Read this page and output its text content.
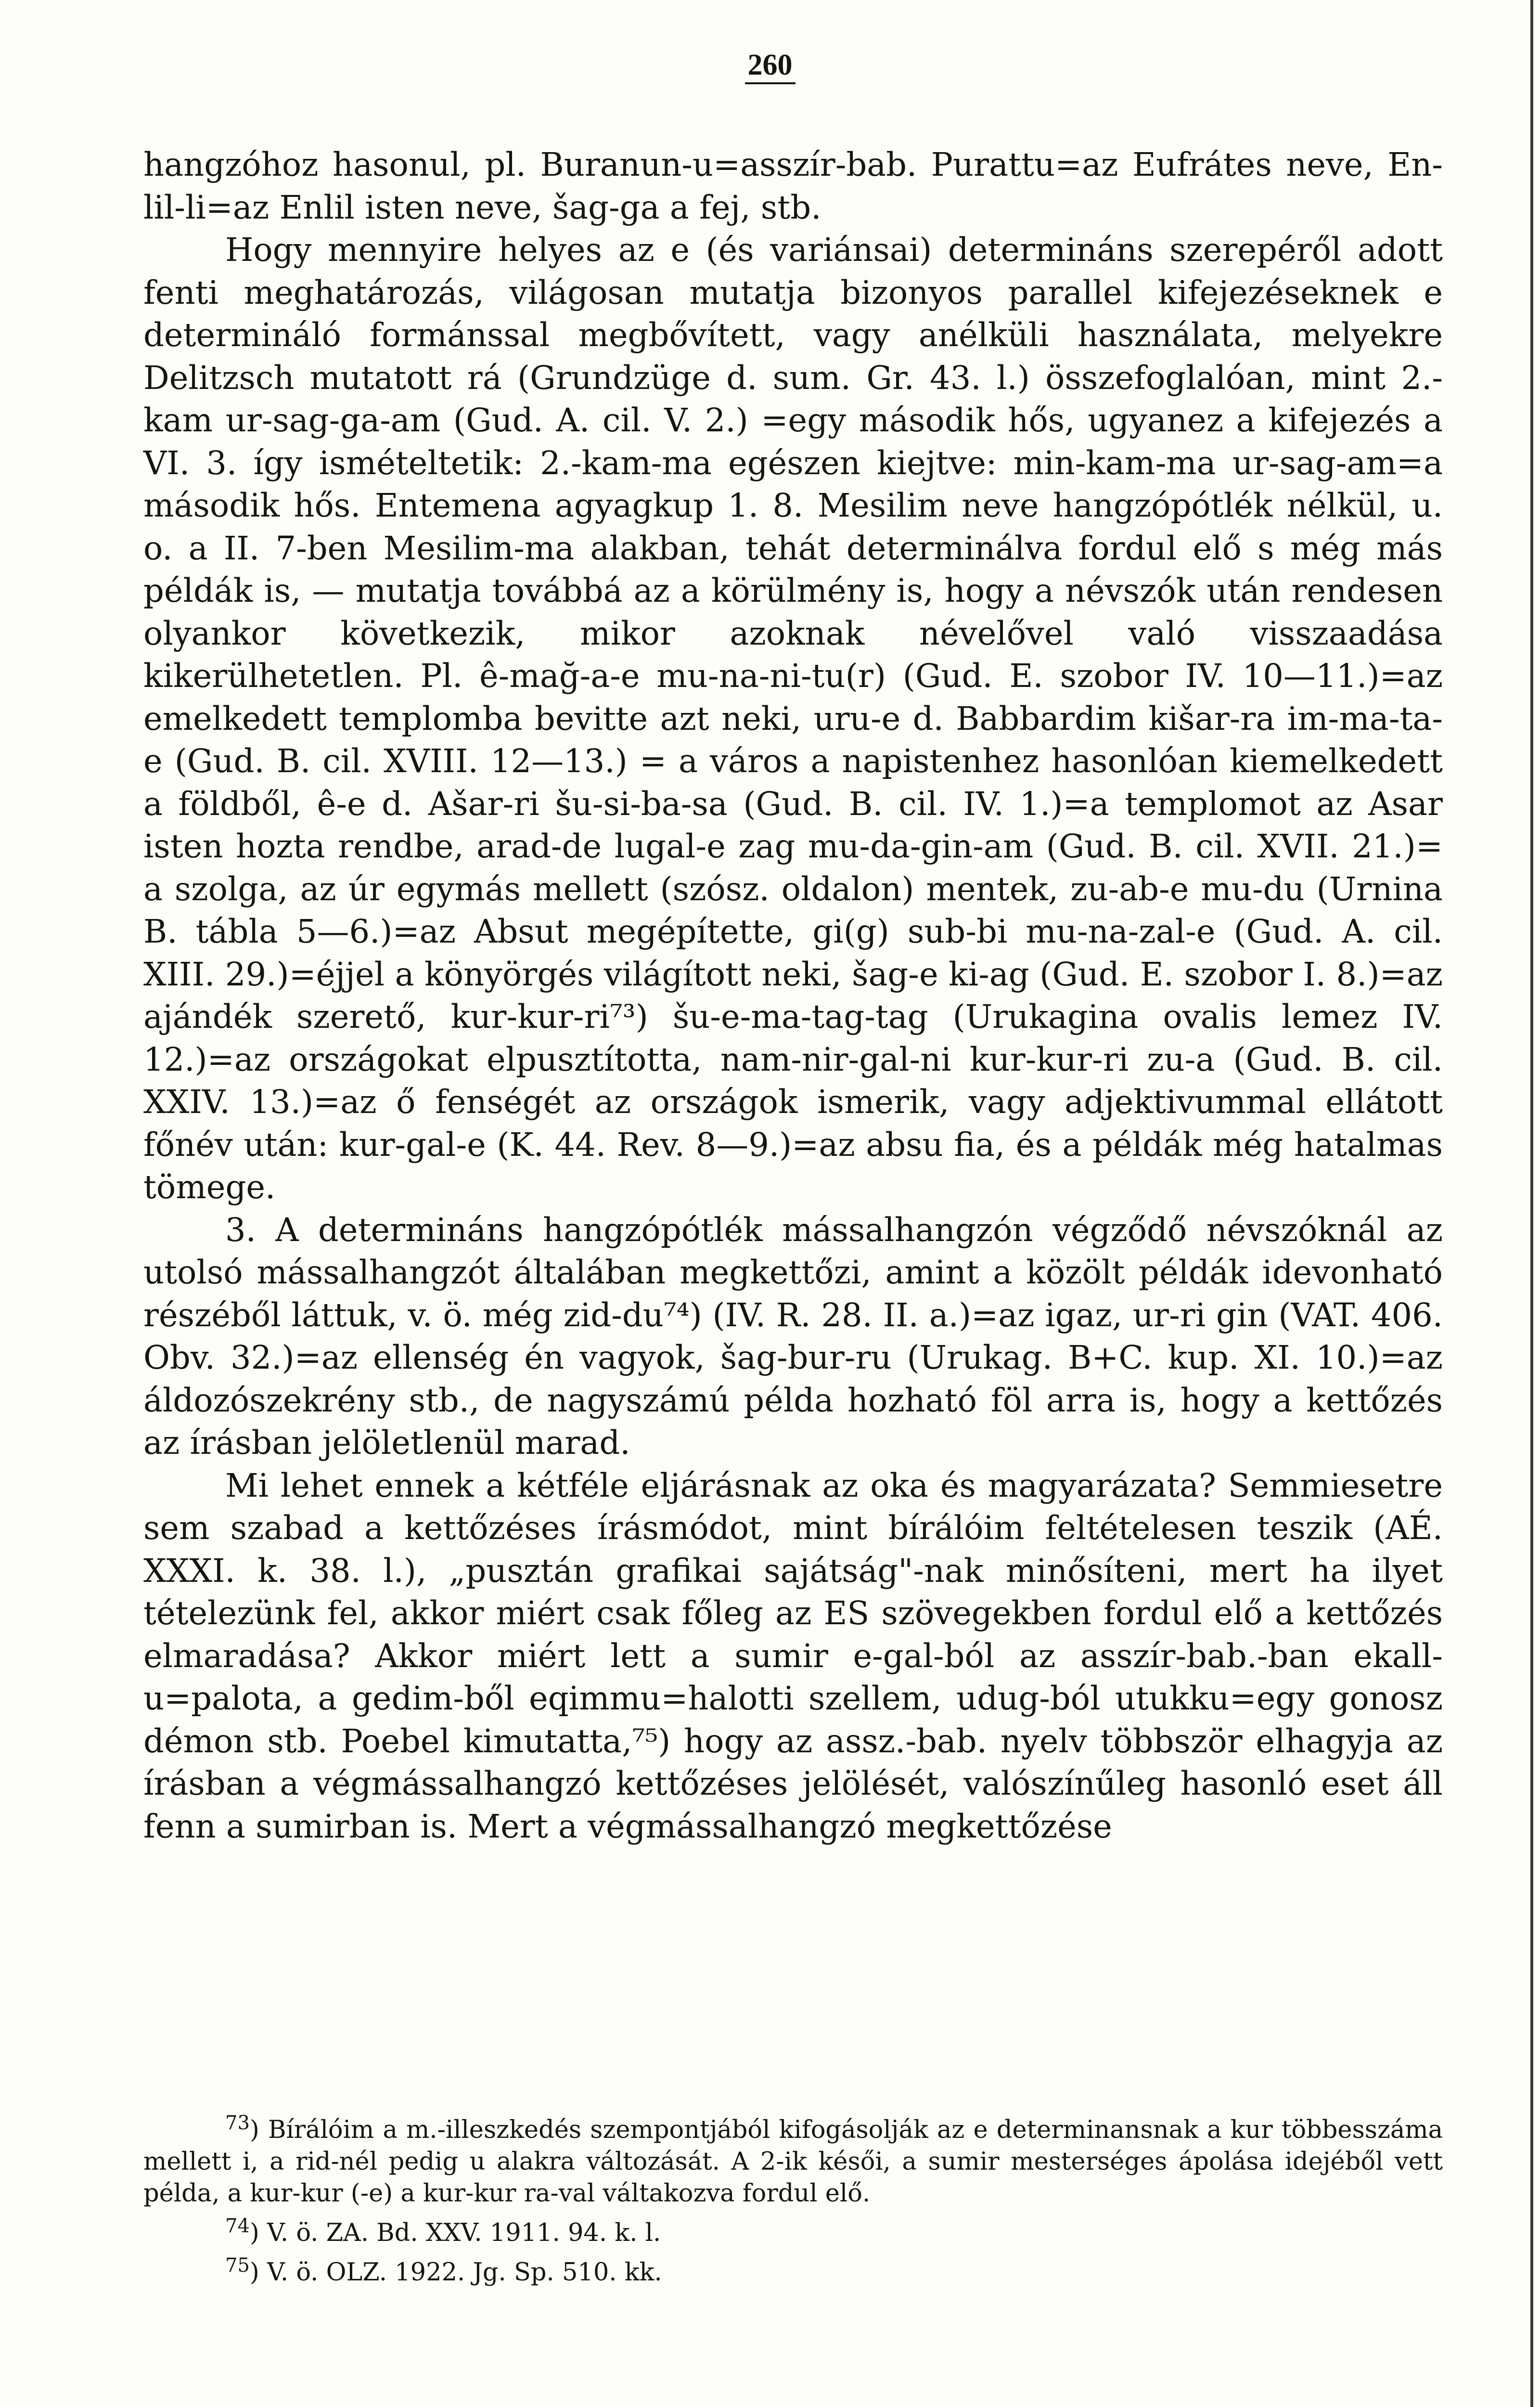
260

hangzóhoz hasonul, pl. Buranun-u=asszír-bab. Purattu=az Eufrátes neve, En-lil-li=az Enlil isten neve, šag-ga a fej, stb.

Hogy mennyire helyes az e (és variánsai) determináns szerepéről adott fenti meghatározás, világosan mutatja bizonyos parallel kifejezéseknek e determináló formánssal megbővített, vagy anélküli használata, melyekre Delitzsch mutatott rá (Grundzüge d. sum. Gr. 43. l.) összefoglalóan, mint 2.-kam ur-sag-ga-am (Gud. A. cil. V. 2.) =egy második hős, ugyanez a kifejezés a VI. 3. így ismételtetik: 2.-kam-ma egészen kiejtve: min-kam-ma ur-sag-am=a második hős. Entemena agyagkup 1. 8. Mesilim neve hangzópótlék nélkül, u. o. a II. 7-ben Mesilim-ma alakban, tehát determinálva fordul elő s még más példák is, — mutatja továbbá az a körülmény is, hogy a névszók után rendesen olyankor következik, mikor azoknak névelővel való visszaadása kikerülhetetlen. Pl. ê-mağ-a-e mu-na-ni-tu(r) (Gud. E. szobor IV. 10—11.)=az emelkedett templomba bevitte azt neki, uru-e d. Babbardim kišar-ra im-ma-ta-e (Gud. B. cil. XVIII. 12—13.) = a város a napistenhez hasonlóan kiemelkedett a földből, ê-e d. Ašar-ri šu-si-ba-sa (Gud. B. cil. IV. 1.)=a templomot az Asar isten hozta rendbe, arad-de lugal-e zag mu-da-gin-am (Gud. B. cil. XVII. 21.)= a szolga, az úr egymás mellett (szósz. oldalon) mentek, zu-ab-e mu-du (Urnina B. tábla 5—6.)=az Absut megépítette, gi(g) sub-bi mu-na-zal-e (Gud. A. cil. XIII. 29.)=éjjel a könyörgés világított neki, šag-e ki-ag (Gud. E. szobor I. 8.)=az ajándék szerető, kur-kur-ri⁷³) šu-e-ma-tag-tag (Urukagina ovalis lemez IV. 12.)=az országokat elpusztította, nam-nir-gal-ni kur-kur-ri zu-a (Gud. B. cil. XXIV. 13.)=az ő fenségét az országok ismerik, vagy adjektivummal ellátott főnév után: kur-gal-e (K. 44. Rev. 8—9.)=az absu fia, és a példák még hatalmas tömege.

3. A determináns hangzópótlék mássalhangzón végződő névszóknál az utolsó mássalhangzót általában megkettőzi, amint a közölt példák idevonható részéből láttuk, v. ö. még zid-du⁷⁴) (IV. R. 28. II. a.)=az igaz, ur-ri gin (VAT. 406. Obv. 32.)=az ellenség én vagyok, šag-bur-ru (Urukag. B+C. kup. XI. 10.)=az áldozószekrény stb., de nagyszámú példa hozható föl arra is, hogy a kettőzés az írásban jelöletlenül marad.

Mi lehet ennek a kétféle eljárásnak az oka és magyarázata? Semmiesetre sem szabad a kettőzéses írásmódot, mint bírálóim feltételesen teszik (AÉ. XXXI. k. 38. l.), „pusztán grafikai sajátság"-nak minősíteni, mert ha ilyet tételezünk fel, akkor miért csak főleg az ES szövegekben fordul elő a kettőzés elmaradása? Akkor miért lett a sumir e-gal-ból az asszír-bab.-ban ekall-u=palota, a gedim-ből eqimmu=halotti szellem, udug-ból utukku=egy gonosz démon stb. Poebel kimutatta,⁷⁵) hogy az assz.-bab. nyelv többször elhagyja az írásban a végmássalhangzó kettőzéses jelölését, valószínűleg hasonló eset áll fenn a sumirban is. Mert a végmássalhangzó megkettőzése

$^{73}$) Bírálóim a m.-illeszkedés szempontjából kifogásolják az e determinansnak a kur többesszáma mellett i, a rid-nél pedig u alakra változását. A 2-ik késői, a sumir mesterséges ápolása idejéből vett példa, a kur-kur (-e) a kur-kur ra-val váltakozva fordul elő.

$^{74}$) V. ö. ZA. Bd. XXV. 1911. 94. k. l.

$^{75}$) V. ö. OLZ. 1922. Jg. Sp. 510. kk.
